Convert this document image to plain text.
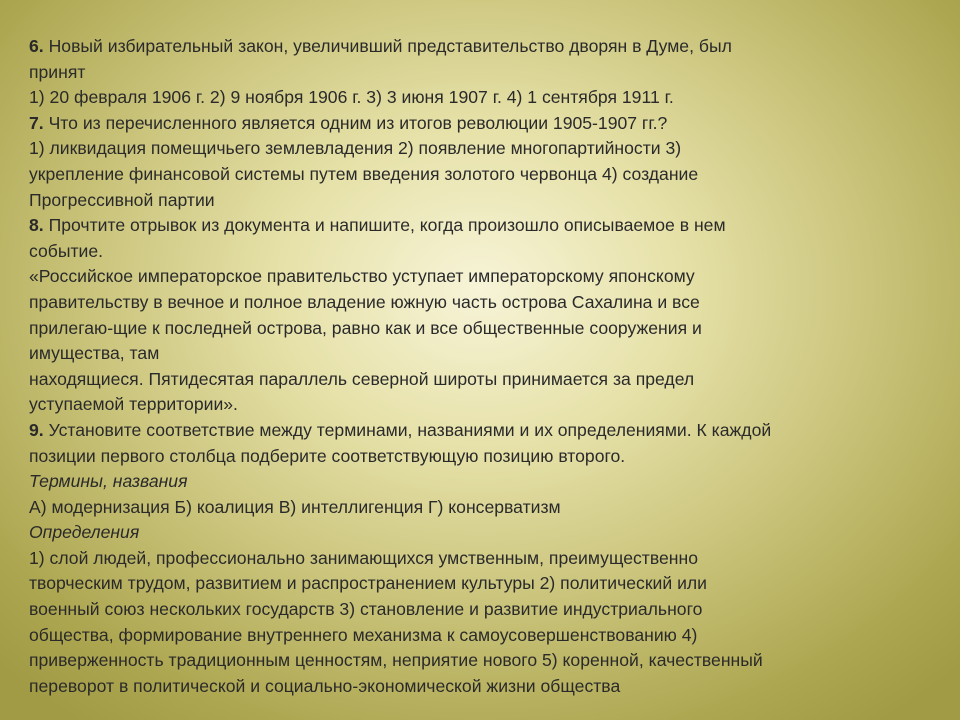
6. Новый избирательный закон, увеличивший представительство дворян в Думе, был
принят
1) 20 февраля 1906 г. 2) 9 ноября 1906 г. 3) 3 июня 1907 г. 4) 1 сентября 1911 г.
7. Что из перечисленного является одним из итогов революции 1905-1907 гг.?
1) ликвидация помещичьего землевладения 2) появление многопартийности 3)
укрепление финансовой системы путем введения золотого червонца 4) создание
Прогрессивной партии
8. Прочтите отрывок из документа и напишите, когда произошло описываемое в нем
событие.
«Российское императорское правительство уступает императорскому японскому
правительству в вечное и полное владение южную часть острова Сахалина и все
прилегаю-щие к последней острова, равно как и все общественные сооружения и
имущества, там
находящиеся. Пятидесятая параллель северной широты принимается за предел
уступаемой территории».
9. Установите соответствие между терминами, названиями и их определениями. К каждой
позиции первого столбца подберите соответствующую позицию второго.
Термины, названия
А) модернизация Б) коалиция В) интеллигенция Г) консерватизм
Определения
1) слой людей, профессионально занимающихся умственным, преимущественно
творческим трудом, развитием и распространением культуры 2) политический или
военный союз нескольких государств 3) становление и развитие индустриального
общества, формирование внутреннего механизма к самоусовершенствованию 4)
приверженность традиционным ценностям, неприятие нового 5) коренной, качественный
переворот в политической и социально-экономической жизни общества
